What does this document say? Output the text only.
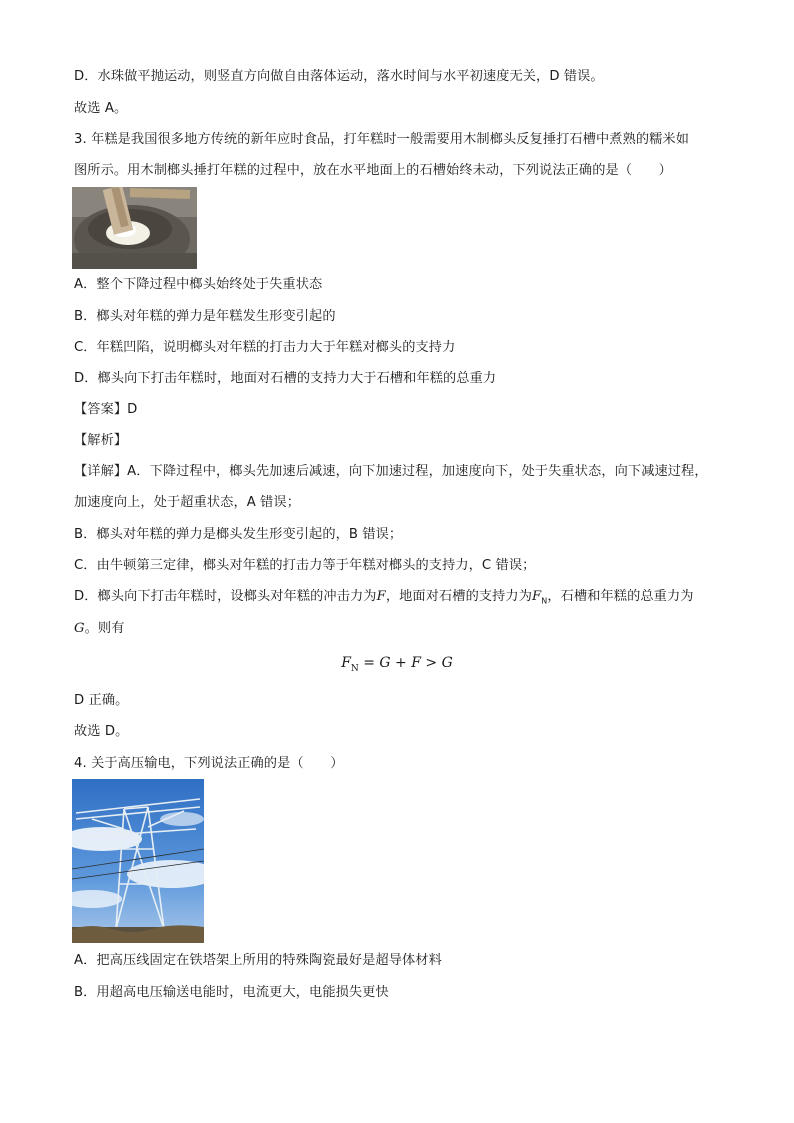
D．水珠做平抛运动，则竖直方向做自由落体运动，落水时间与水平初速度无关，D 错误。
故选 A。
3. 年糕是我国很多地方传统的新年应时食品，打年糕时一般需要用木制榔头反复捶打石槽中煮熟的糯米如
图所示。用木制榔头捶打年糕的过程中，放在水平地面上的石槽始终未动，下列说法正确的是（　　）
A．整个下降过程中榔头始终处于失重状态
B．榔头对年糕的弹力是年糕发生形变引起的
C．年糕凹陷，说明榔头对年糕的打击力大于年糕对榔头的支持力
D．榔头向下打击年糕时，地面对石槽的支持力大于石槽和年糕的总重力
【答案】D
【解析】
【详解】A．下降过程中，榔头先加速后减速，向下加速过程，加速度向下，处于失重状态，向下减速过程，
加速度向上，处于超重状态，A 错误；
B．榔头对年糕的弹力是榔头发生形变引起的，B 错误；
C．由牛顿第三定律，榔头对年糕的打击力等于年糕对榔头的支持力，C 错误；
D．榔头向下打击年糕时，设榔头对年糕的冲击力为F，地面对石槽的支持力为$F_N$，石槽和年糕的总重力为
G。则有
$F_N = G + F > G$
D 正确。
故选 D。
4. 关于高压输电，下列说法正确的是（　　）
A．把高压线固定在铁塔架上所用的特殊陶瓷最好是超导体材料
B．用超高电压输送电能时，电流更大，电能损失更快
